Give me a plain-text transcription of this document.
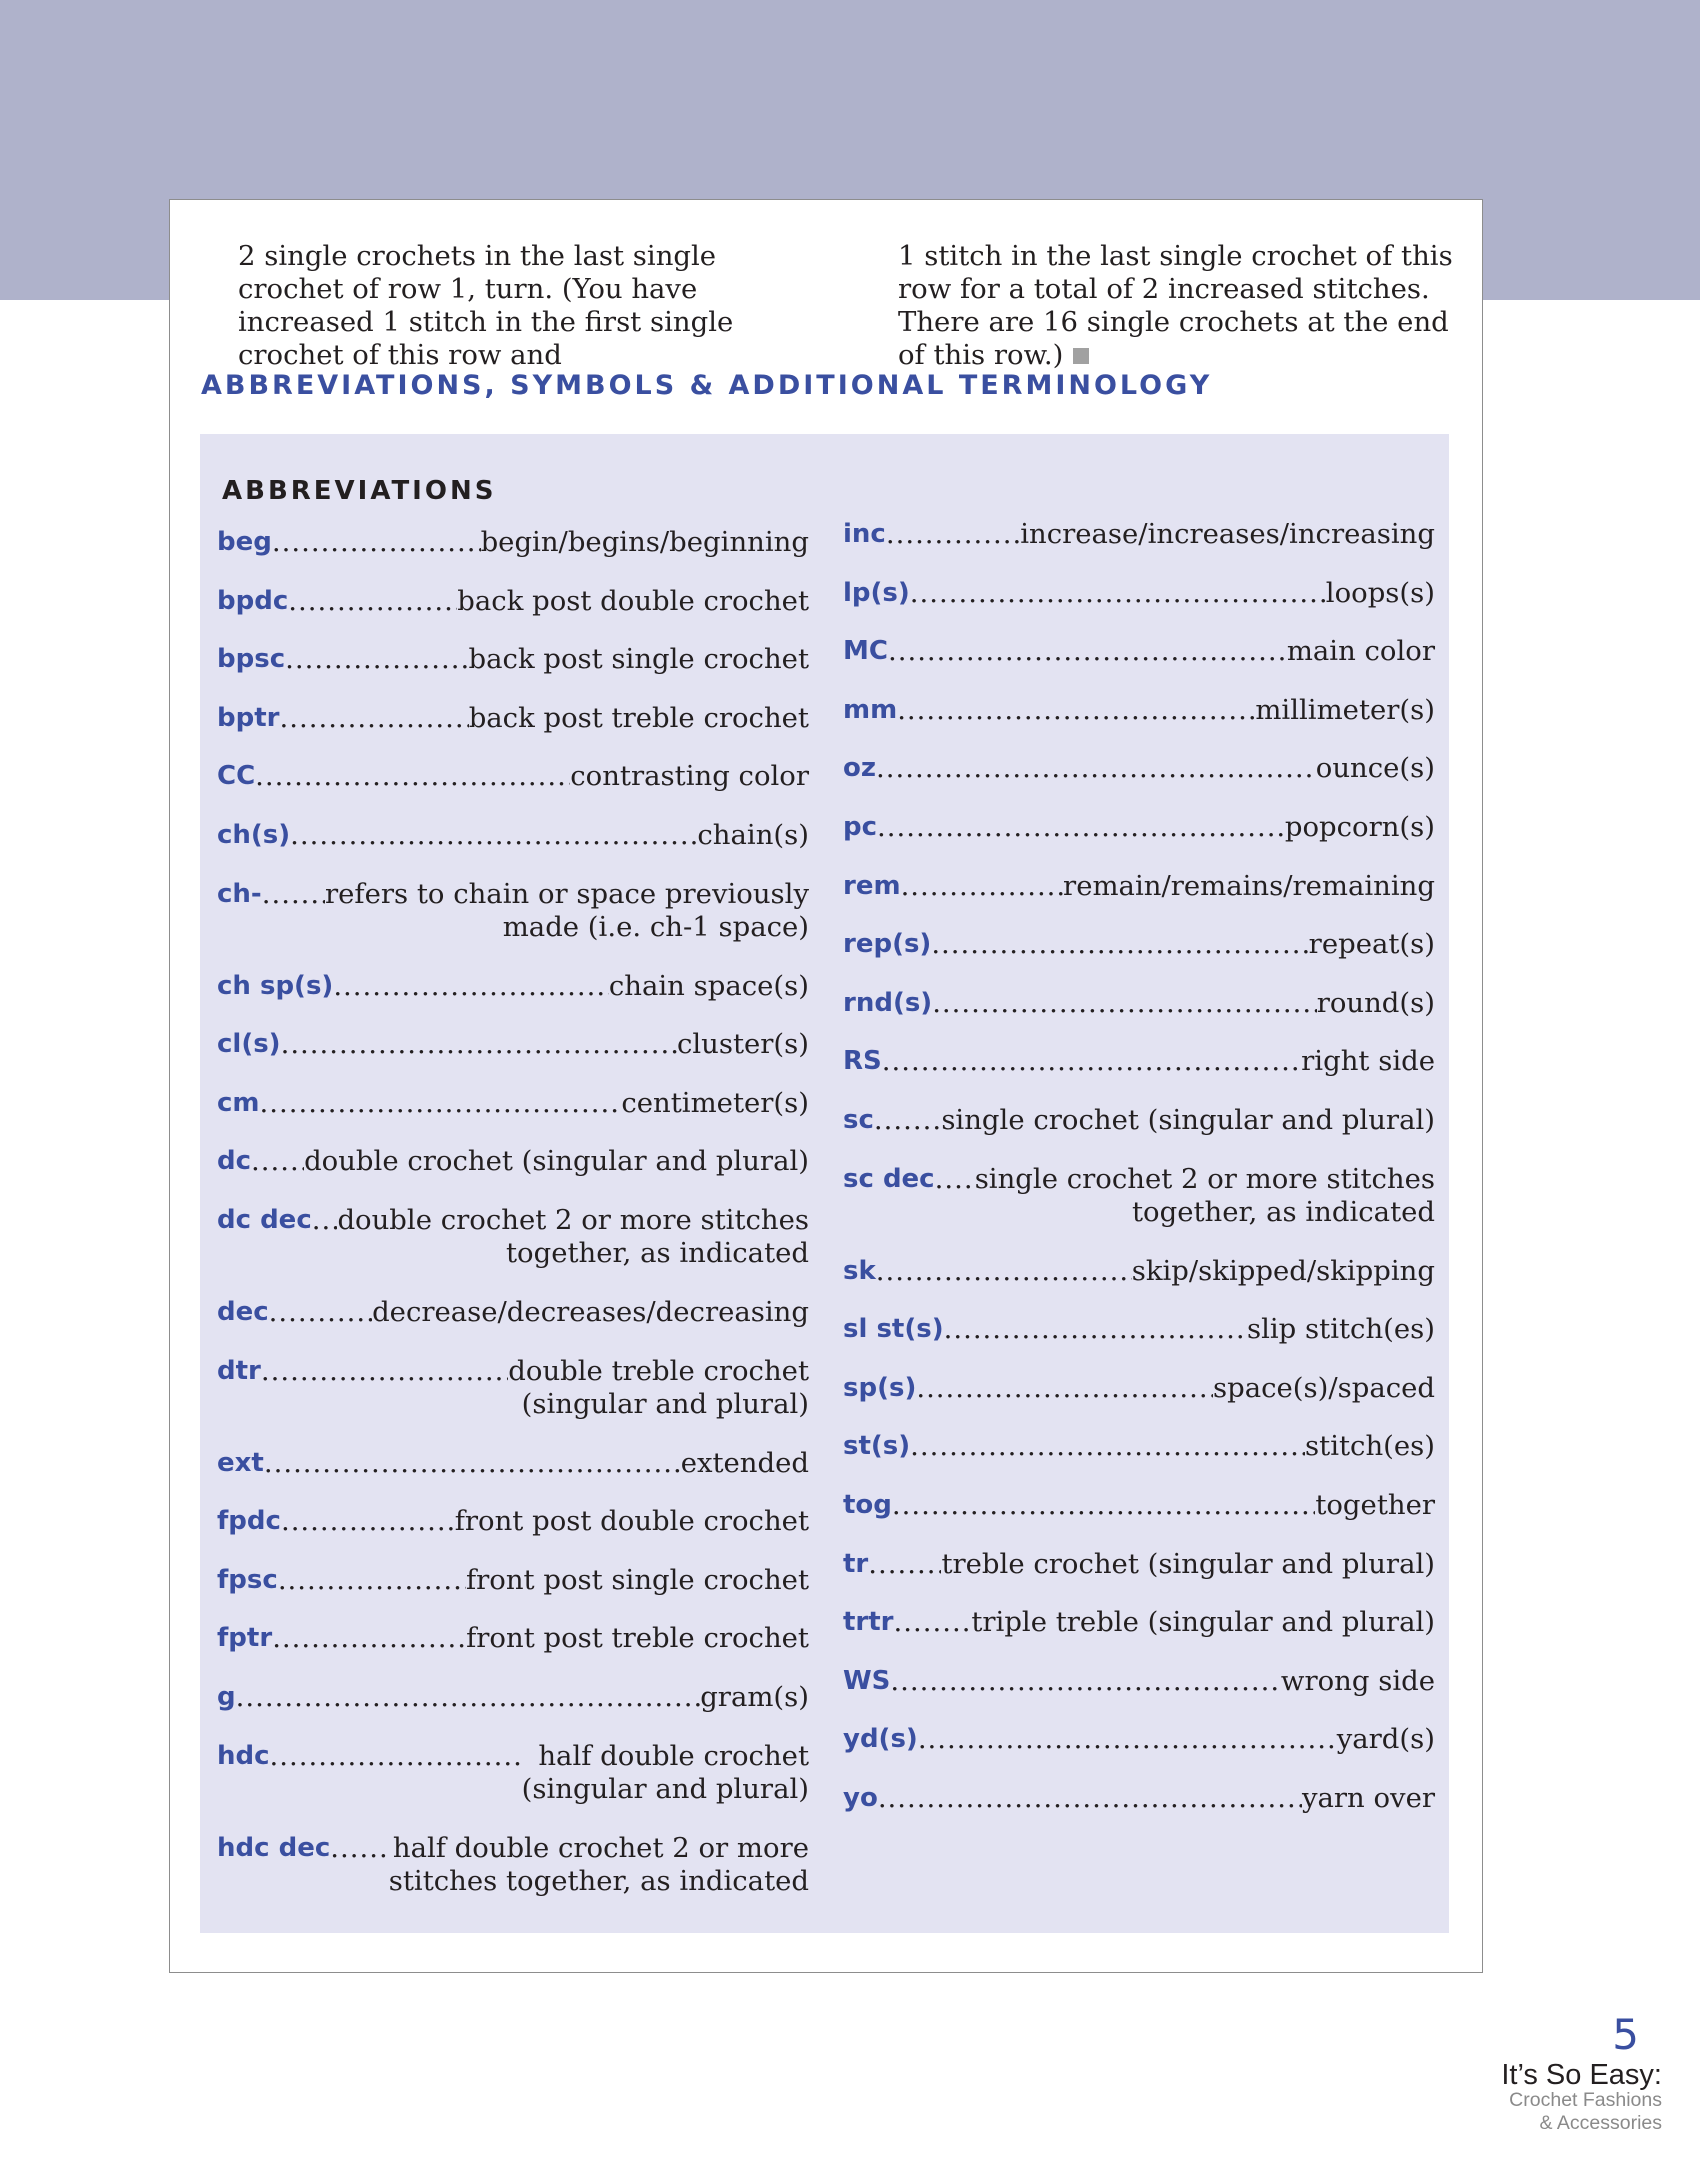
2 single crochets in the last single crochet of row 1, turn. (You have increased 1 stitch in the first single crochet of this row and

1 stitch in the last single crochet of this row for a total of 2 increased stitches. There are 16 single crochets at the end of this row.)

ABBREVIATIONS, SYMBOLS & ADDITIONAL TERMINOLOGY
ABBREVIATIONS
beg .....	begin/begins/beginning
bpdc .....	back post double crochet
bpsc .....	back post single crochet
bptr .....	back post treble crochet
CC .....	contrasting color
ch(s) .....	chain(s)
ch- ..... refers to chain or space previously
made (i.e. ch-1 space)
ch sp(s) .....	chain space(s)
cl(s) .....	cluster(s)
cm .....	centimeter(s)
dc ..... double crochet (singular and plural)
dc dec ..... double crochet 2 or more stitches
together, as indicated
dec .....	decrease/decreases/decreasing
dtr .....	double treble crochet
(singular and plural)
ext .....	extended
fpdc .....	front post double crochet
fpsc .....	front post single crochet
fptr .....	front post treble crochet
g .....	gram(s)
hdc .....	half double crochet
(singular and plural)
hdc dec ..... half double crochet 2 or more
stitches together, as indicated
inc .....	increase/increases/increasing
lp(s) .....	loops(s)
MC .....	main color
mm .....	millimeter(s)
oz .....	ounce(s)
pc .....	popcorn(s)
rem .....	remain/remains/remaining
rep(s) .....	repeat(s)
rnd(s) .....	round(s)
RS .....	right side
sc ..... single crochet (singular and plural)
sc dec ..... single crochet 2 or more stitches
together, as indicated
sk .....	skip/skipped/skipping
sl st(s) .....	slip stitch(es)
sp(s) .....	space(s)/spaced
st(s) .....	stitch(es)
tog .....	together
tr .....	treble crochet (singular and plural)
trtr .....	triple treble (singular and plural)
WS .....	wrong side
yd(s) .....	yard(s)
yo .....	yarn over
5
It’s So Easy:
Crochet Fashions
& Accessories
